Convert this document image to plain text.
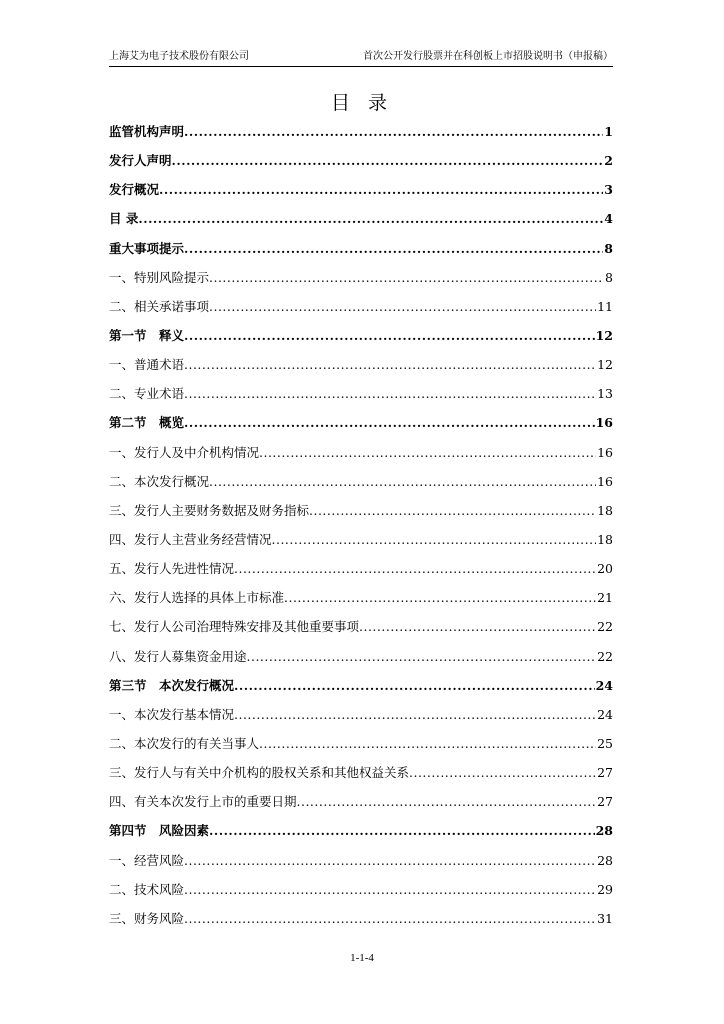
上海艾为电子技术股份有限公司	首次公开发行股票并在科创板上市招股说明书（申报稿）
目 录
监管机构声明 .....	1
发行人声明 .....	2
发行概况 .....	3
目 录 .....	4
重大事项提示 .....	8
一、特别风险提示 .....	8
二、相关承诺事项 .....	11
第一节　释义 .....	12
一、普通术语 .....	12
二、专业术语 .....	13
第二节　概览 .....	16
一、发行人及中介机构情况 .....	16
二、本次发行概况 .....	16
三、发行人主要财务数据及财务指标 .....	18
四、发行人主营业务经营情况 .....	18
五、发行人先进性情况 .....	20
六、发行人选择的具体上市标准 .....	21
七、发行人公司治理特殊安排及其他重要事项 .....	22
八、发行人募集资金用途 .....	22
第三节　本次发行概况 .....	24
一、本次发行基本情况 .....	24
二、本次发行的有关当事人 .....	25
三、发行人与有关中介机构的股权关系和其他权益关系 .....	27
四、有关本次发行上市的重要日期 .....	27
第四节　风险因素 .....	28
一、经营风险 .....	28
二、技术风险 .....	29
三、财务风险 .....	31
1-1-4
